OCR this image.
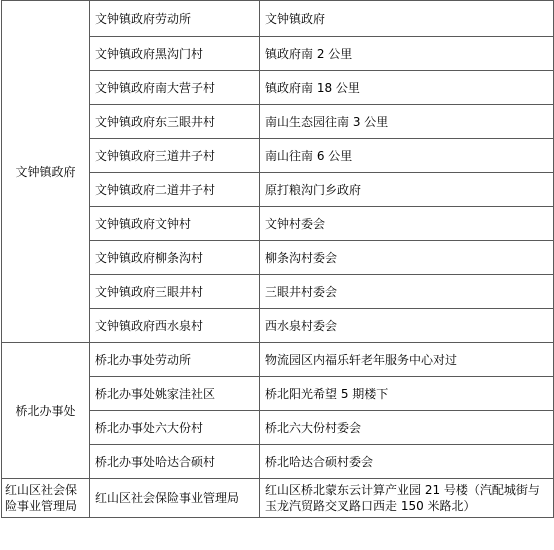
文钟镇政府	文钟镇政府劳动所	文钟镇政府
	文钟镇政府黑沟门村	镇政府南 2 公里
	文钟镇政府南大营子村	镇政府南 18 公里
	文钟镇政府东三眼井村	南山生态园往南 3 公里
	文钟镇政府三道井子村	南山往南 6 公里
	文钟镇政府二道井子村	原打粮沟门乡政府
	文钟镇政府文钟村	文钟村委会
	文钟镇政府柳条沟村	柳条沟村委会
	文钟镇政府三眼井村	三眼井村委会
	文钟镇政府西水泉村	西水泉村委会
桥北办事处	桥北办事处劳动所	物流园区内福乐轩老年服务中心对过
	桥北办事处姚家洼社区	桥北阳光希望 5 期楼下
	桥北办事处六大份村	桥北六大份村委会
	桥北办事处哈达合硕村	桥北哈达合硕村委会
红山区社会保险事业管理局	红山区社会保险事业管理局	红山区桥北蒙东云计算产业园 21 号楼（汽配城街与玉龙汽贸路交叉路口西走 150 米路北）
